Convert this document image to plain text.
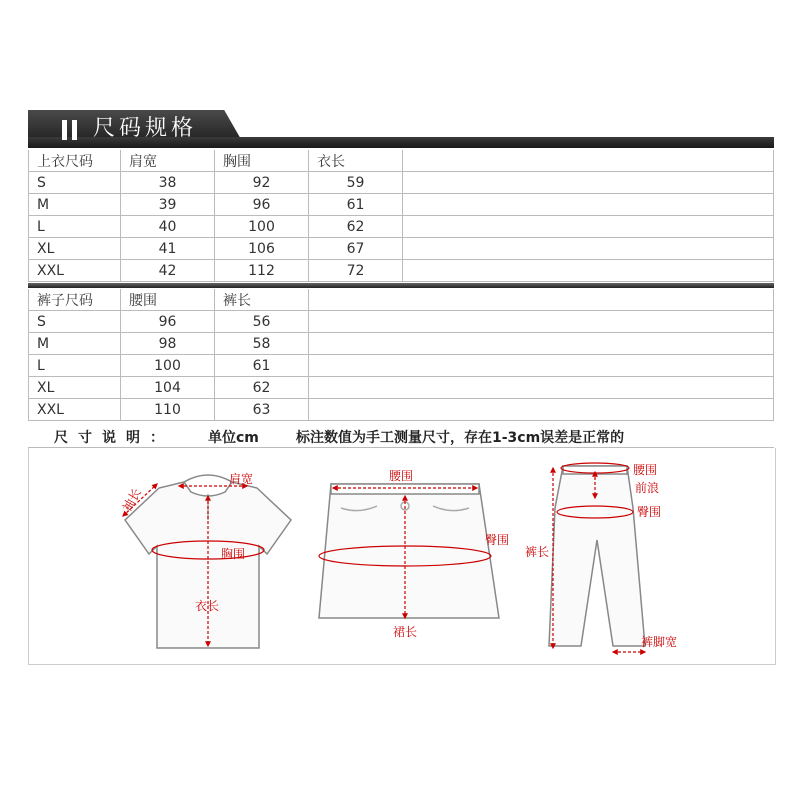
尺码规格
上衣尺码	肩宽	胸围	衣长	
S	38	92	59	
M	39	96	61	
L	40	100	62	
XL	41	106	67	
XXL	42	112	72	
裤子尺码	腰围	裤长	
S	96	56	
M	98	58	
L	100	61	
XL	104	62	
XXL	110	63	
尺寸说明： 单位cm	标注数值为手工测量尺寸，存在1-3cm误差是正常的
肩宽
袖长
胸围
衣长
腰围
臀围
裙长
腰围
前浪
臀围
裤长
裤脚宽
